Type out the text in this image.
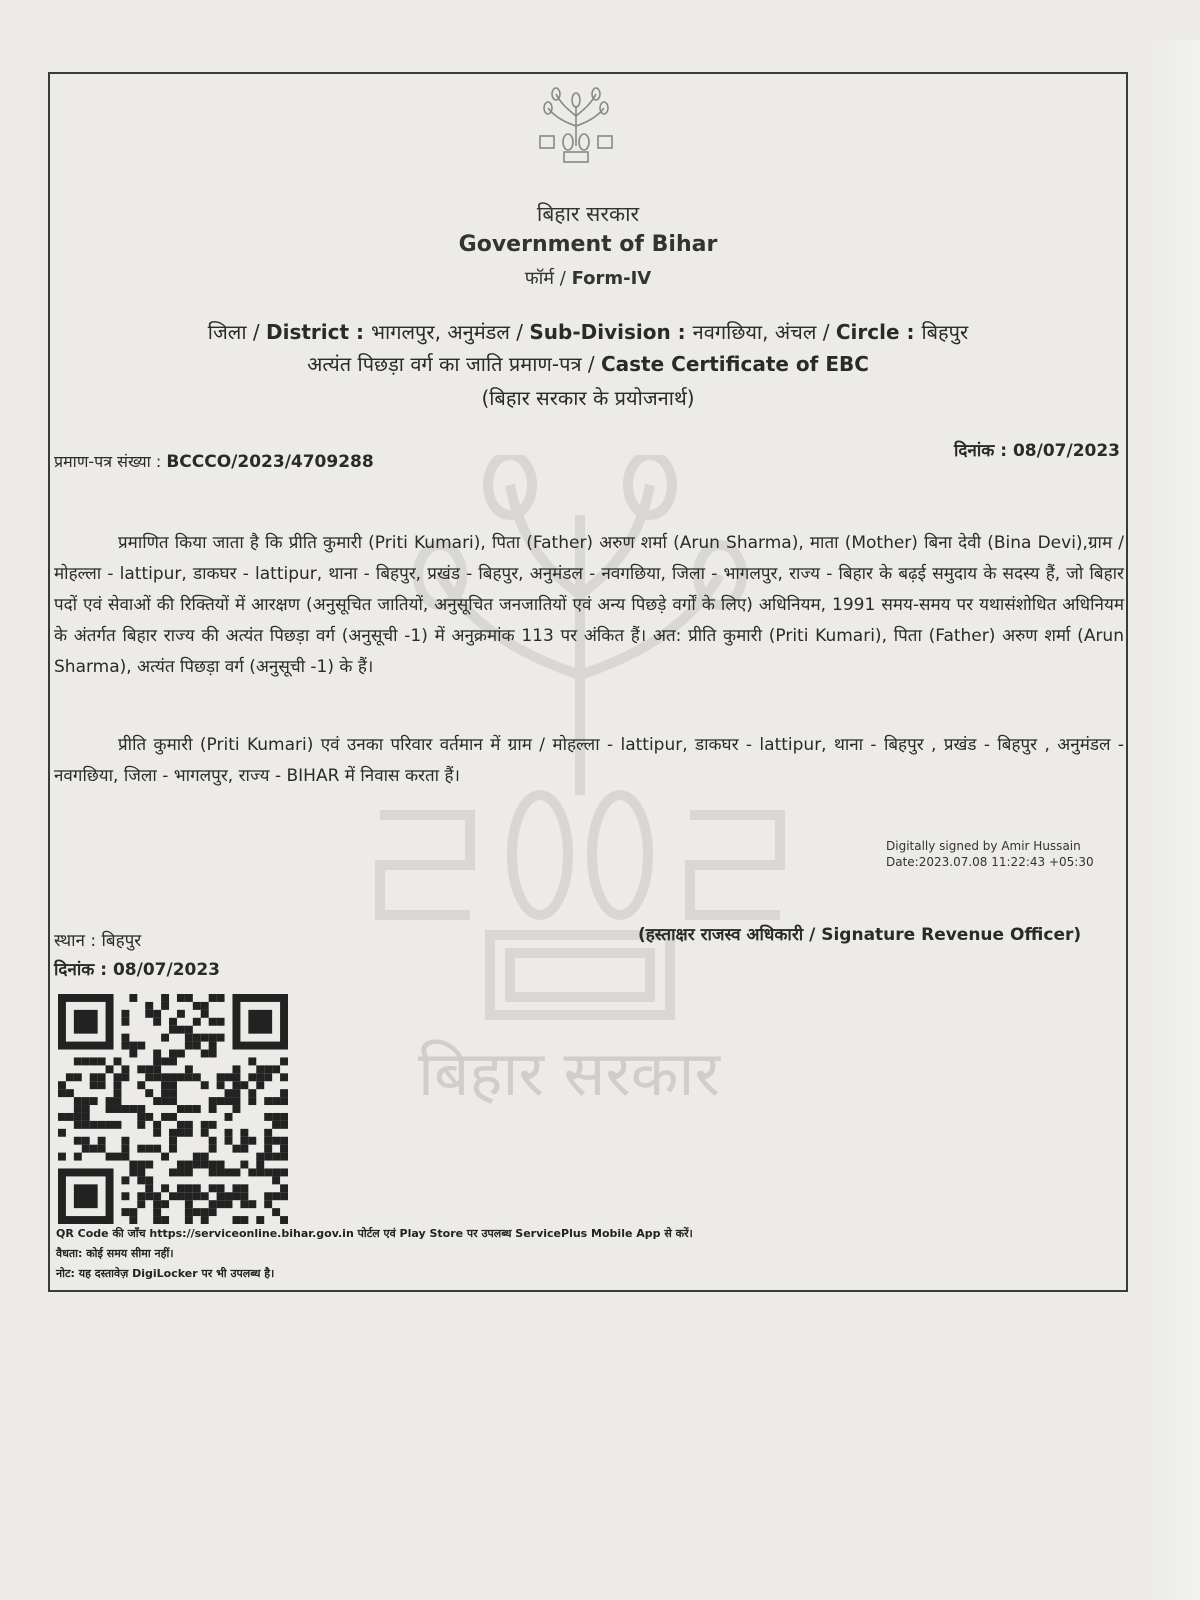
बिहार सरकार
बिहार सरकार
Government of Bihar
फॉर्म / Form-IV
जिला / District : भागलपुर, अनुमंडल / Sub-Division : नवगछिया, अंचल / Circle : बिहपुर
अत्यंत पिछड़ा वर्ग का जाति प्रमाण-पत्र / Caste Certificate of EBC
(बिहार सरकार के प्रयोजनार्थ)
प्रमाण-पत्र संख्या : BCCCO/2023/4709288
दिनांक : 08/07/2023
प्रमाणित किया जाता है कि प्रीति कुमारी (Priti Kumari), पिता (Father) अरुण शर्मा (Arun Sharma), माता (Mother) बिना देवी (Bina Devi),ग्राम / मोहल्ला - lattipur, डाकघर - lattipur, थाना - बिहपुर, प्रखंड - बिहपुर, अनुमंडल - नवगछिया, जिला - भागलपुर, राज्य - बिहार के बढ़ई समुदाय के सदस्य हैं, जो बिहार पदों एवं सेवाओं की रिक्तियों में आरक्षण (अनुसूचित जातियों, अनुसूचित जनजातियों एवं अन्य पिछड़े वर्गों के लिए) अधिनियम, 1991 समय-समय पर यथासंशोधित अधिनियम के अंतर्गत बिहार राज्य की अत्यंत पिछड़ा वर्ग (अनुसूची -1) में अनुक्रमांक 113 पर अंकित हैं। अत: प्रीति कुमारी (Priti Kumari), पिता (Father) अरुण शर्मा (Arun Sharma), अत्यंत पिछड़ा वर्ग (अनुसूची -1) के हैं।
प्रीति कुमारी (Priti Kumari) एवं उनका परिवार वर्तमान में ग्राम / मोहल्ला - lattipur, डाकघर - lattipur, थाना - बिहपुर , प्रखंड - बिहपुर , अनुमंडल - नवगछिया, जिला - भागलपुर, राज्य - BIHAR में निवास करता हैं।
Digitally signed by Amir Hussain
Date:2023.07.08 11:22:43 +05:30
स्थान : बिहपुर
दिनांक : 08/07/2023
(हस्ताक्षर राजस्व अधिकारी / Signature Revenue Officer)
QR Code की जाँच https://serviceonline.bihar.gov.in पोर्टल एवं Play Store पर उपलब्ध ServicePlus Mobile App से करें।
वैधता: कोई समय सीमा नहीं।
नोट: यह दस्तावेज़ DigiLocker पर भी उपलब्ध है।
